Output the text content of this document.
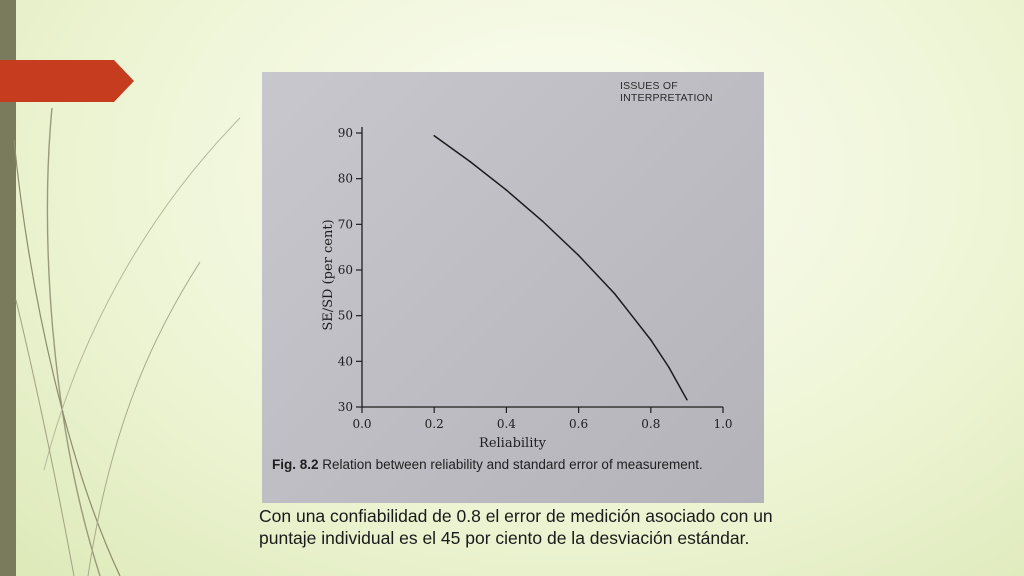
ISSUES OF INTERPRETATION
30
40
50
60
70
80
90
0.0	0.2	0.4	0.6	0.8	1.0
Reliability
SE/SD (per cent)
Fig. 8.2 Relation between reliability and standard error of measurement.
Con una confiabilidad de 0.8 el error de medición asociado con un puntaje individual es el 45 por ciento de la desviación estándar.
